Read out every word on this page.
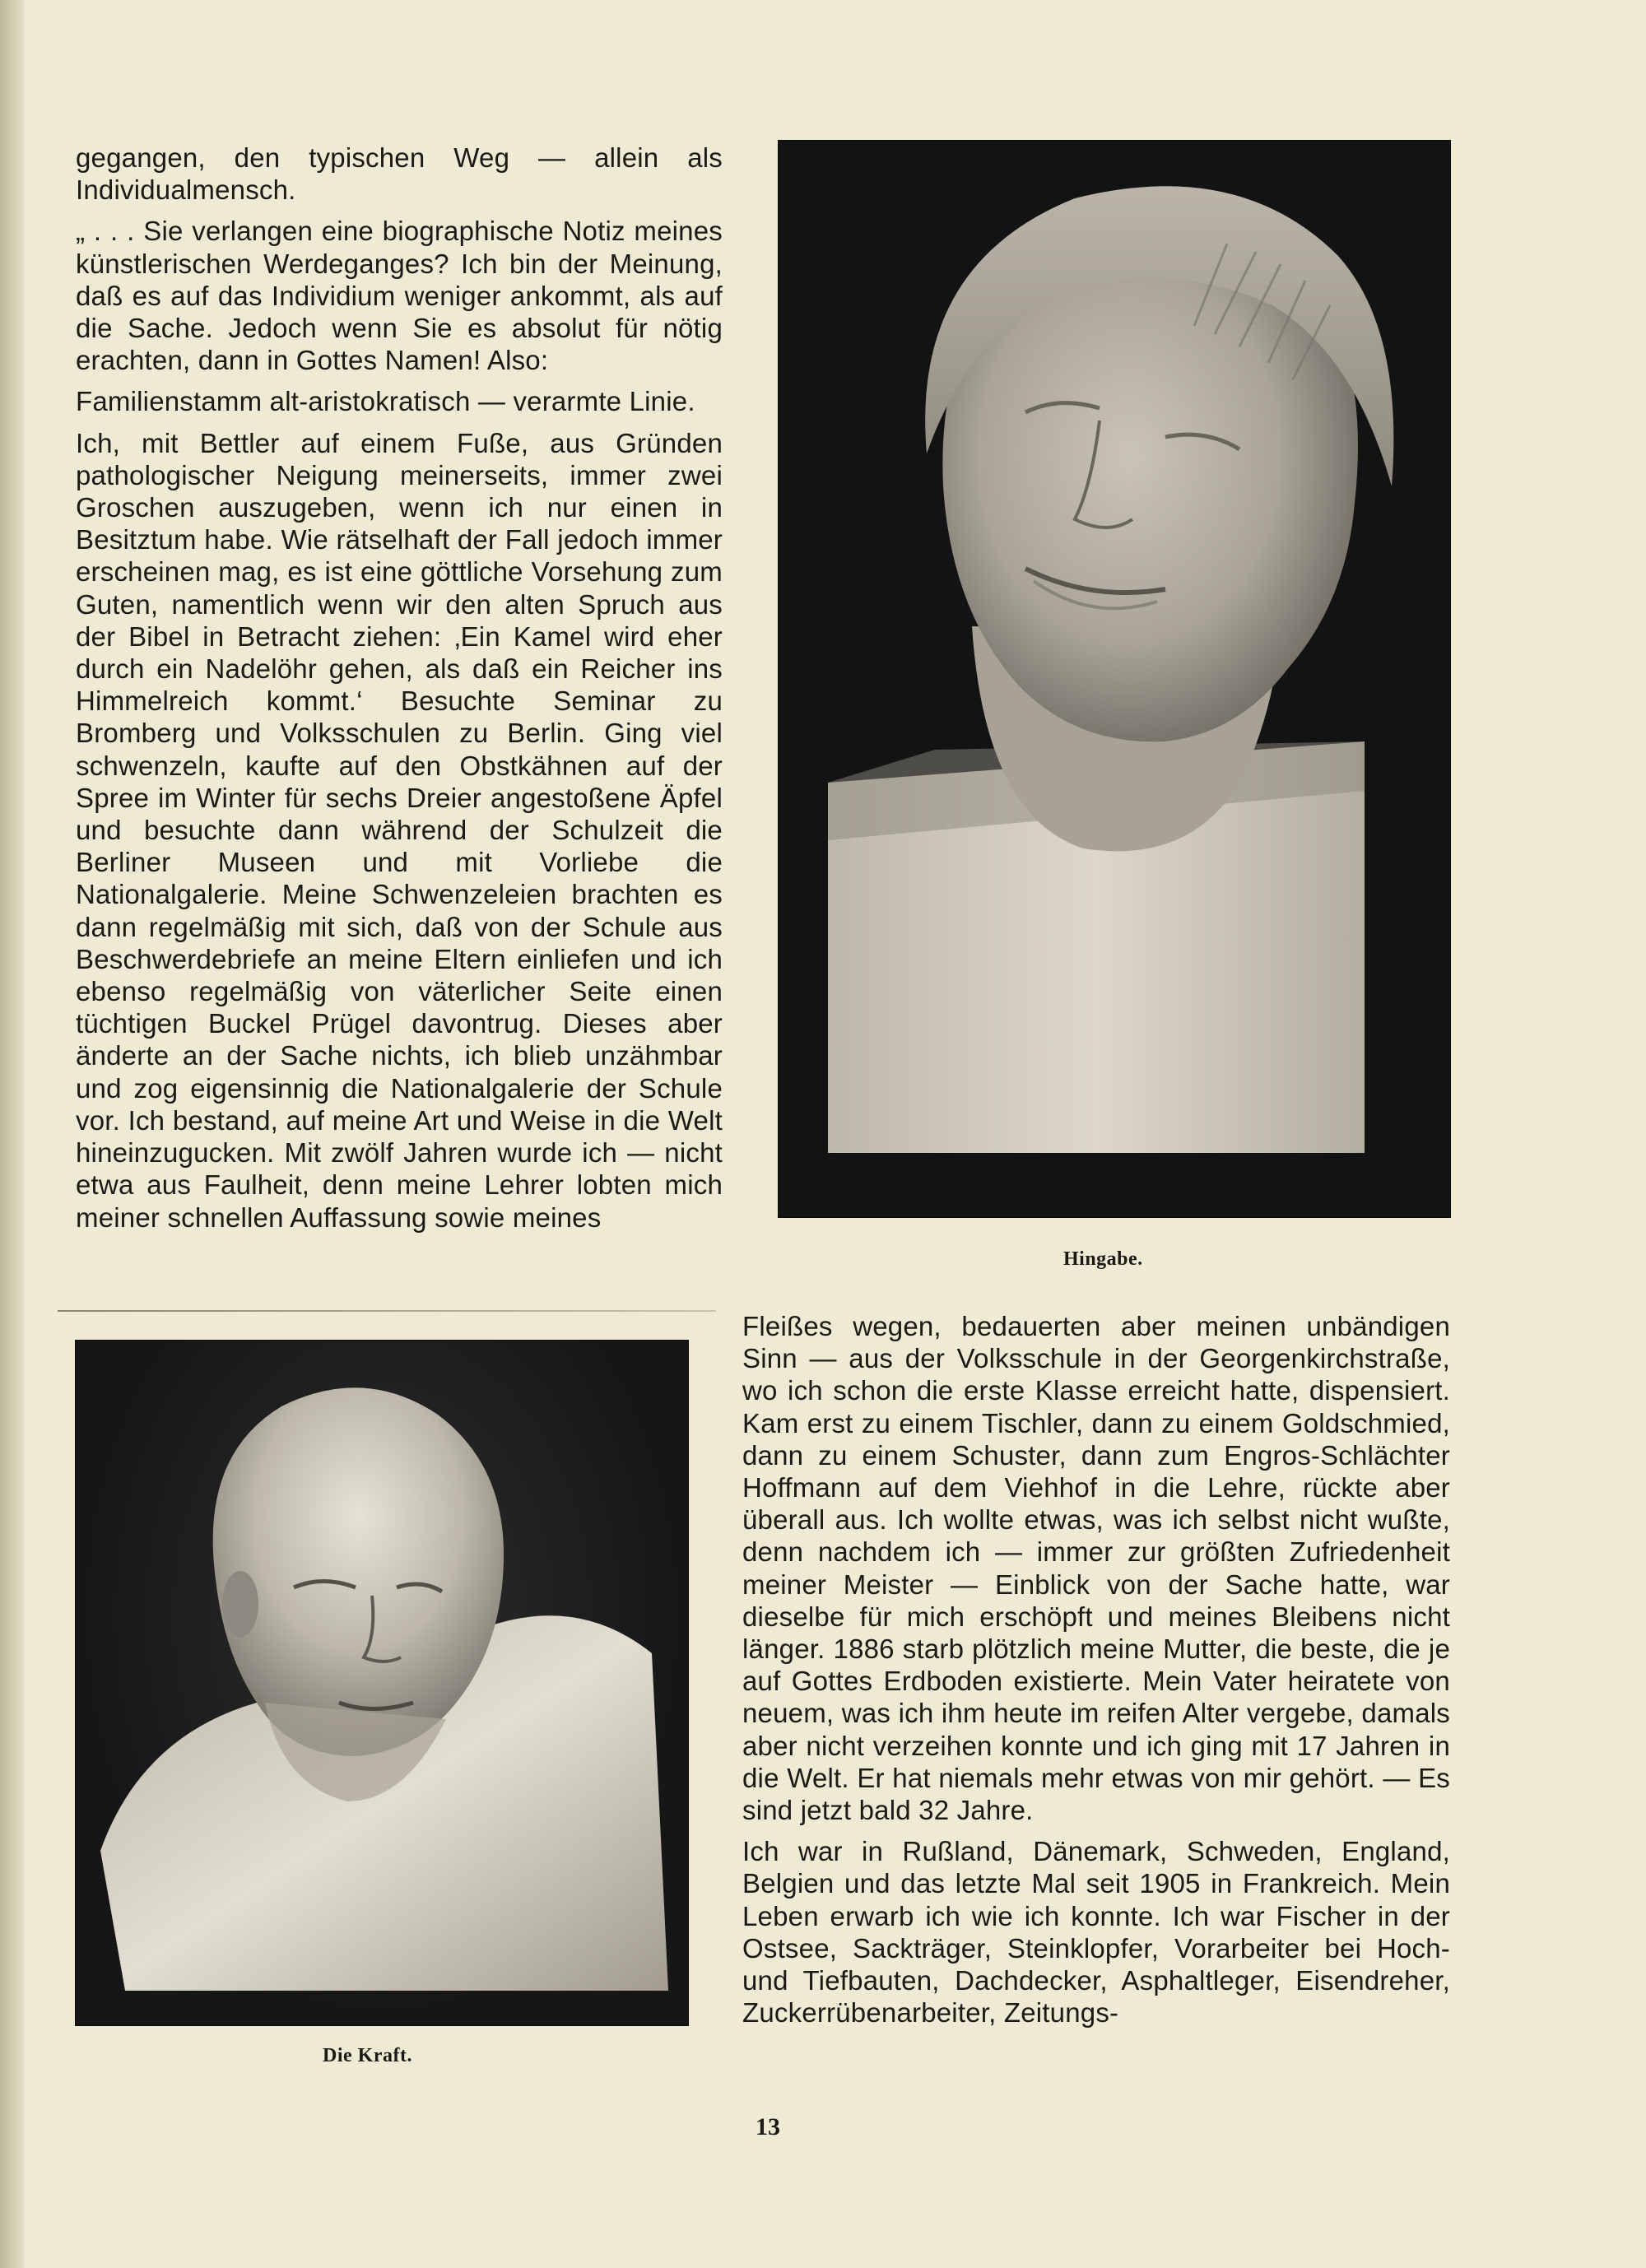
gegangen, den typischen Weg — allein als Individualmensch.

„ . . . Sie verlangen eine biographische Notiz meines künstlerischen Werdeganges? Ich bin der Meinung, daß es auf das Individium weniger ankommt, als auf die Sache. Jedoch wenn Sie es absolut für nötig erachten, dann in Gottes Namen! Also:

Familienstamm alt-aristokratisch — verarmte Linie.

Ich, mit Bettler auf einem Fuße, aus Gründen pathologischer Neigung meinerseits, immer zwei Groschen auszugeben, wenn ich nur einen in Besitztum habe. Wie rätselhaft der Fall jedoch immer erscheinen mag, es ist eine göttliche Vorsehung zum Guten, namentlich wenn wir den alten Spruch aus der Bibel in Betracht ziehen: ‚Ein Kamel wird eher durch ein Nadelöhr gehen, als daß ein Reicher ins Himmelreich kommt.‘ Besuchte Seminar zu Bromberg und Volksschulen zu Berlin. Ging viel schwenzeln, kaufte auf den Obstkähnen auf der Spree im Winter für sechs Dreier angestoßene Äpfel und besuchte dann während der Schulzeit die Berliner Museen und mit Vorliebe die Nationalgalerie. Meine Schwenzeleien brachten es dann regelmäßig mit sich, daß von der Schule aus Beschwerdebriefe an meine Eltern einliefen und ich ebenso regelmäßig von väterlicher Seite einen tüchtigen Buckel Prügel davontrug. Dieses aber änderte an der Sache nichts, ich blieb unzähmbar und zog eigensinnig die Nationalgalerie der Schule vor. Ich bestand, auf meine Art und Weise in die Welt hineinzugucken. Mit zwölf Jahren wurde ich — nicht etwa aus Faulheit, denn meine Lehrer lobten mich meiner schnellen Auffassung sowie meines

Hingabe.
Die Kraft.

Fleißes wegen, bedauerten aber meinen unbändigen Sinn — aus der Volksschule in der Georgenkirchstraße, wo ich schon die erste Klasse erreicht hatte, dispensiert. Kam erst zu einem Tischler, dann zu einem Goldschmied, dann zu einem Schuster, dann zum Engros-Schlächter Hoffmann auf dem Viehhof in die Lehre, rückte aber überall aus. Ich wollte etwas, was ich selbst nicht wußte, denn nachdem ich — immer zur größten Zufriedenheit meiner Meister — Einblick von der Sache hatte, war dieselbe für mich erschöpft und meines Bleibens nicht länger. 1886 starb plötzlich meine Mutter, die beste, die je auf Gottes Erdboden existierte. Mein Vater heiratete von neuem, was ich ihm heute im reifen Alter vergebe, damals aber nicht verzeihen konnte und ich ging mit 17 Jahren in die Welt. Er hat niemals mehr etwas von mir gehört. — Es sind jetzt bald 32 Jahre.

Ich war in Rußland, Dänemark, Schweden, England, Belgien und das letzte Mal seit 1905 in Frankreich. Mein Leben erwarb ich wie ich konnte. Ich war Fischer in der Ostsee, Sackträger, Steinklopfer, Vorarbeiter bei Hoch- und Tiefbauten, Dachdecker, Asphaltleger, Eisendreher, Zuckerrübenarbeiter, Zeitungs-

13
